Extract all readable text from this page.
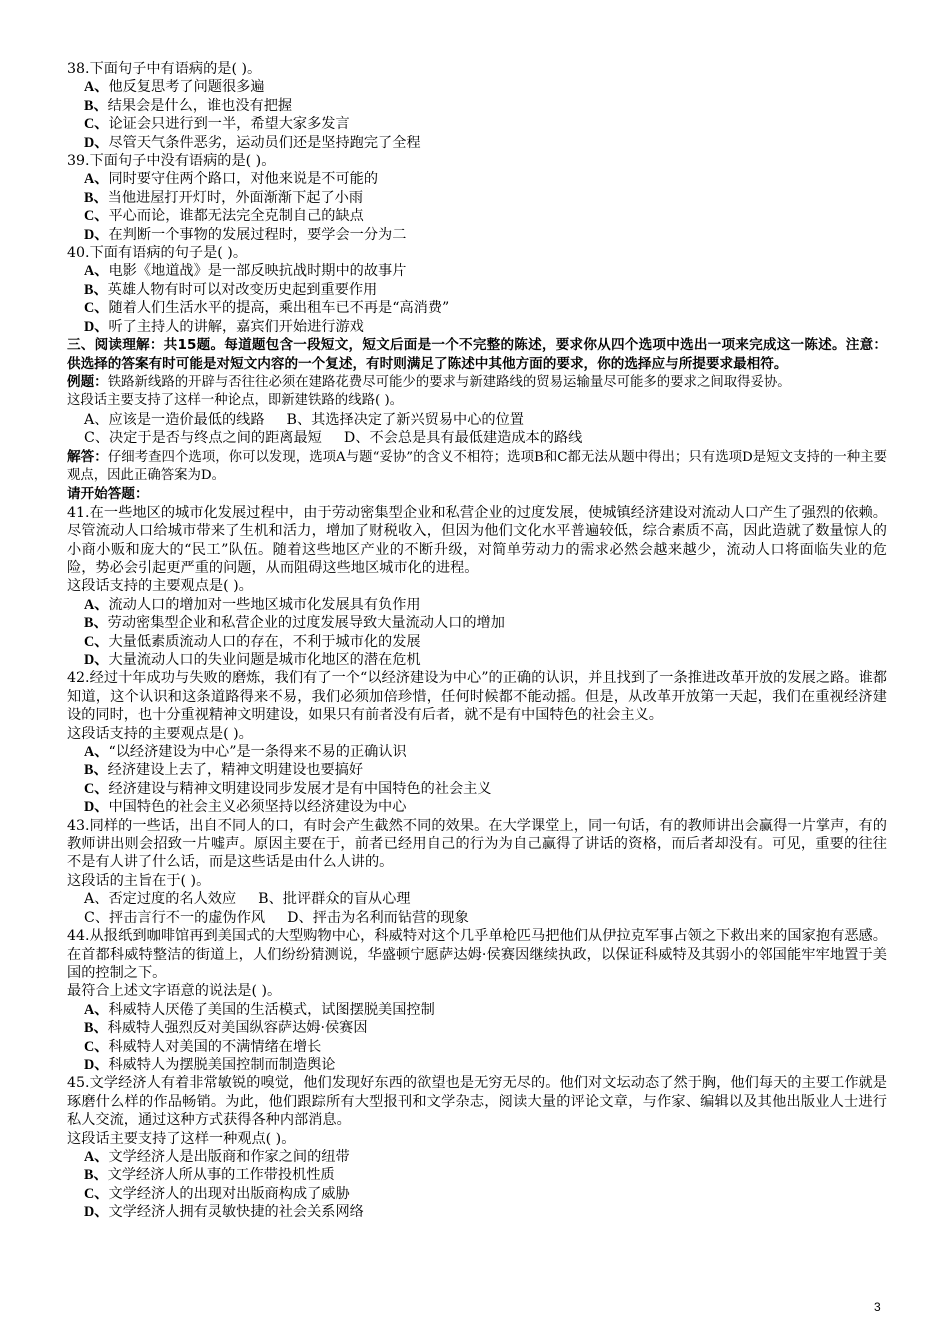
38.下面句子中有语病的是( )。

A、他反复思考了问题很多遍

B、结果会是什么，谁也没有把握

C、论证会只进行到一半，希望大家多发言

D、尽管天气条件恶劣，运动员们还是坚持跑完了全程

39.下面句子中没有语病的是( )。

A、同时要守住两个路口，对他来说是不可能的

B、当他进屋打开灯时，外面渐渐下起了小雨

C、平心而论，谁都无法完全克制自己的缺点

D、在判断一个事物的发展过程时，要学会一分为二

40.下面有语病的句子是( )。

A、电影《地道战》是一部反映抗战时期中的故事片

B、英雄人物有时可以对改变历史起到重要作用

C、随着人们生活水平的提高，乘出租车已不再是“高消费”

D、听了主持人的讲解，嘉宾们开始进行游戏

三、阅读理解：共15题。每道题包含一段短文，短文后面是一个不完整的陈述，要求你从四个选项中选出一项来完成这一陈述。注意：供选择的答案有时可能是对短文内容的一个复述，有时则满足了陈述中其他方面的要求，你的选择应与所提要求最相符。

例题：铁路新线路的开辟与否往往必须在建路花费尽可能少的要求与新建路线的贸易运输量尽可能多的要求之间取得妥协。

这段话主要支持了这样一种论点，即新建铁路的线路( )。

A、应该是一造价最低的线路 B、其选择决定了新兴贸易中心的位置

C、决定于是否与终点之间的距离最短 D、不会总是具有最低建造成本的路线

解答：仔细考查四个选项，你可以发现，选项A与题“妥协”的含义不相符；选项B和C都无法从题中得出；只有选项D是短文支持的一种主要观点，因此正确答案为D。

请开始答题：

41.在一些地区的城市化发展过程中，由于劳动密集型企业和私营企业的过度发展，使城镇经济建设对流动人口产生了强烈的依赖。尽管流动人口给城市带来了生机和活力，增加了财税收入，但因为他们文化水平普遍较低，综合素质不高，因此造就了数量惊人的小商小贩和庞大的“民工”队伍。随着这些地区产业的不断升级，对简单劳动力的需求必然会越来越少，流动人口将面临失业的危险，势必会引起更严重的问题，从而阻碍这些地区城市化的进程。

这段话支持的主要观点是( )。

A、流动人口的增加对一些地区城市化发展具有负作用

B、劳动密集型企业和私营企业的过度发展导致大量流动人口的增加

C、大量低素质流动人口的存在，不利于城市化的发展

D、大量流动人口的失业问题是城市化地区的潜在危机

42.经过十年成功与失败的磨炼，我们有了一个“以经济建设为中心”的正确的认识，并且找到了一条推进改革开放的发展之路。谁都知道，这个认识和这条道路得来不易，我们必须加倍珍惜，任何时候都不能动摇。但是，从改革开放第一天起，我们在重视经济建设的同时，也十分重视精神文明建设，如果只有前者没有后者，就不是有中国特色的社会主义。

这段话支持的主要观点是( )。

A、“以经济建设为中心”是一条得来不易的正确认识

B、经济建设上去了，精神文明建设也要搞好

C、经济建设与精神文明建设同步发展才是有中国特色的社会主义

D、中国特色的社会主义必须坚持以经济建设为中心

43.同样的一些话，出自不同人的口，有时会产生截然不同的效果。在大学课堂上，同一句话，有的教师讲出会赢得一片掌声，有的教师讲出则会招致一片嘘声。原因主要在于，前者已经用自己的行为为自己赢得了讲话的资格，而后者却没有。可见，重要的往往不是有人讲了什么话，而是这些话是由什么人讲的。

这段话的主旨在于( )。

A、否定过度的名人效应 B、批评群众的盲从心理

C、抨击言行不一的虚伪作风 D、抨击为名利而钻营的现象

44.从报纸到咖啡馆再到美国式的大型购物中心，科威特对这个几乎单枪匹马把他们从伊拉克军事占领之下救出来的国家抱有恶感。在首都科威特整洁的街道上，人们纷纷猜测说，华盛顿宁愿萨达姆·侯赛因继续执政，以保证科威特及其弱小的邻国能牢牢地置于美国的控制之下。

最符合上述文字语意的说法是( )。

A、科威特人厌倦了美国的生活模式，试图摆脱美国控制

B、科威特人强烈反对美国纵容萨达姆·侯赛因

C、科威特人对美国的不满情绪在增长

D、科威特人为摆脱美国控制而制造舆论

45.文学经济人有着非常敏锐的嗅觉，他们发现好东西的欲望也是无穷无尽的。他们对文坛动态了然于胸，他们每天的主要工作就是琢磨什么样的作品畅销。为此，他们跟踪所有大型报刊和文学杂志，阅读大量的评论文章，与作家、编辑以及其他出版业人士进行私人交流，通过这种方式获得各种内部消息。

这段话主要支持了这样一种观点( )。

A、文学经济人是出版商和作家之间的纽带

B、文学经济人所从事的工作带投机性质

C、文学经济人的出现对出版商构成了威胁

D、文学经济人拥有灵敏快捷的社会关系网络

3
